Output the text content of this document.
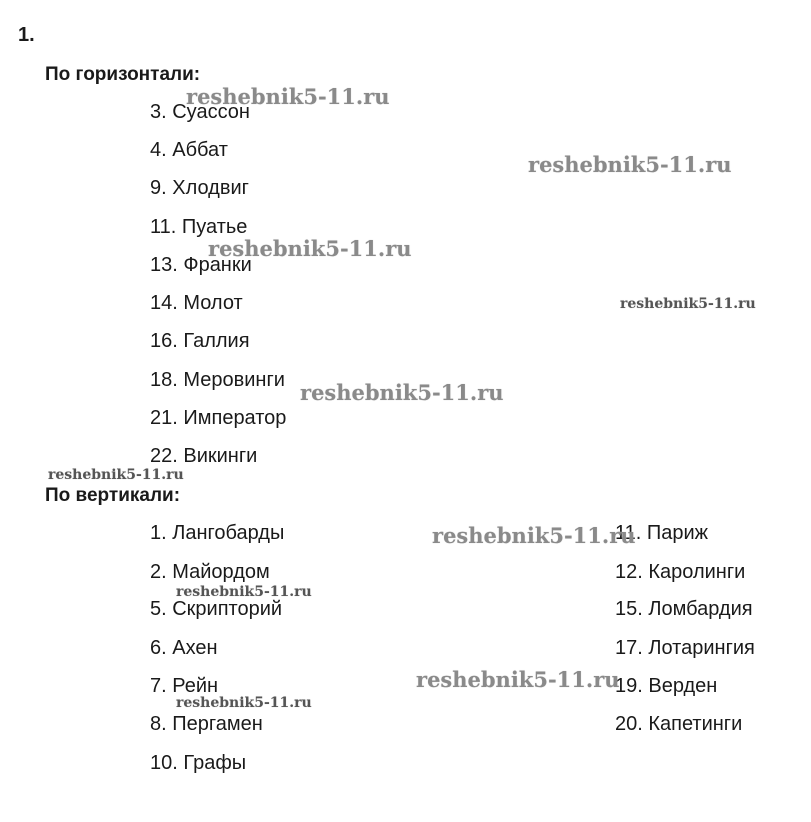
1.
По горизонтали:
3. Суассон
4. Аббат
9. Хлодвиг
11. Пуатье
13. Франки
14. Молот
16. Галлия
18. Меровинги
21. Император
22. Викинги
По вертикали:
1. Лангобарды
2. Майордом
5. Скрипторий
6. Ахен
7. Рейн
8. Пергамен
10. Графы
11. Париж
12. Каролинги
15. Ломбардия
17. Лотарингия
19. Верден
20. Капетинги
reshebnik5-11.ru
reshebnik5-11.ru
reshebnik5-11.ru
reshebnik5-11.ru
reshebnik5-11.ru
reshebnik5-11.ru
reshebnik5-11.ru
reshebnik5-11.ru
reshebnik5-11.ru
reshebnik5-11.ru
